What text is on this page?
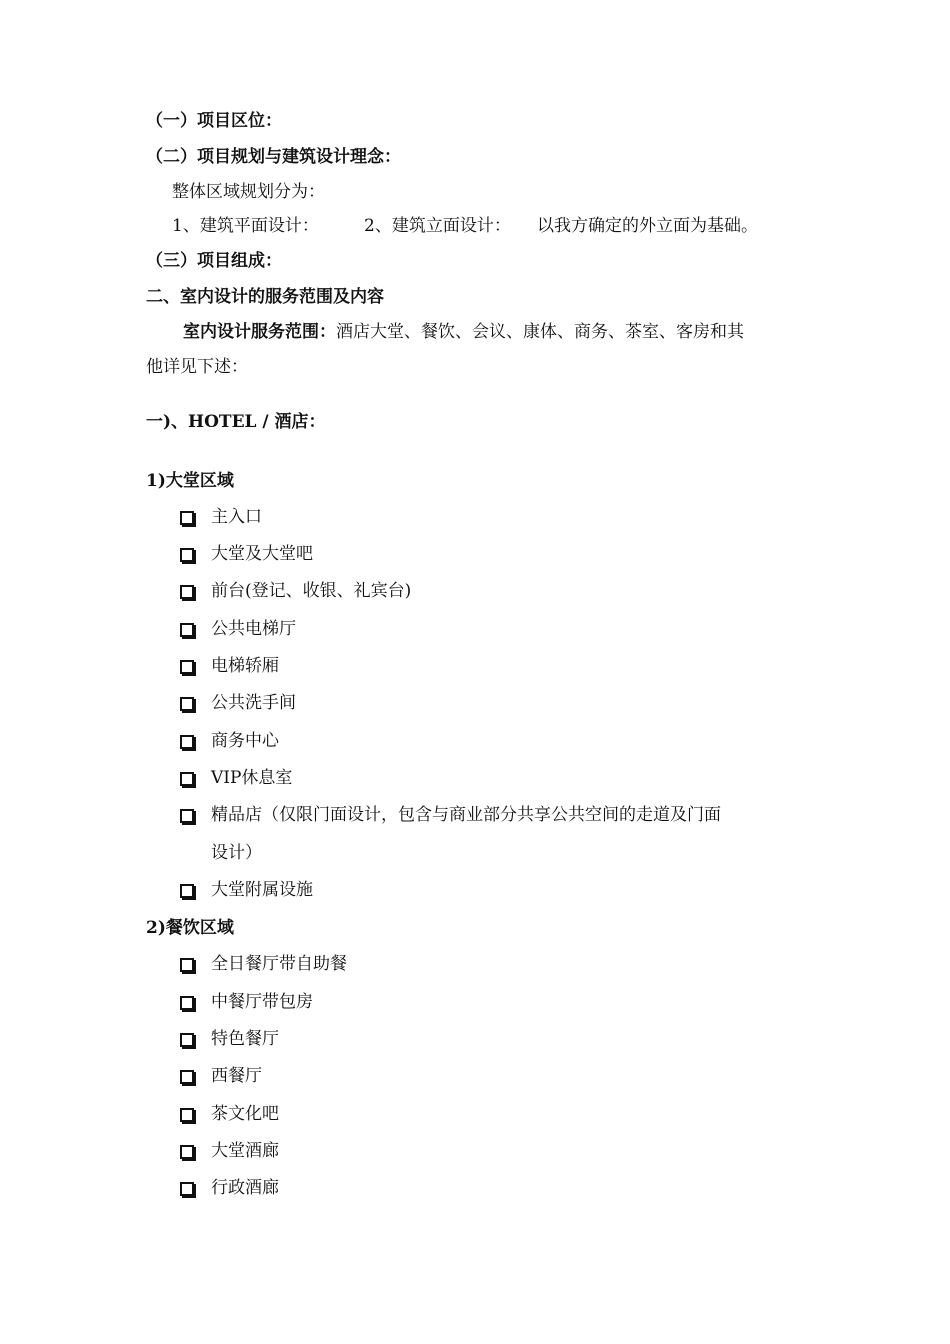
（一）项目区位：
（二）项目规划与建筑设计理念：
整体区域规划分为：
1、建筑平面设计：	2、建筑立面设计： 以我方确定的外立面为基础。
（三）项目组成：
二、室内设计的服务范围及内容
室内设计服务范围：酒店大堂、餐饮、会议、康体、商务、茶室、客房和其
他详见下述：
一)、HOTEL / 酒店：
1)大堂区域
主入口
大堂及大堂吧
前台(登记、收银、礼宾台)
公共电梯厅
电梯轿厢
公共洗手间
商务中心
VIP休息室
精品店（仅限门面设计，包含与商业部分共享公共空间的走道及门面
设计）
大堂附属设施
2)餐饮区域
全日餐厅带自助餐
中餐厅带包房
特色餐厅
西餐厅
茶文化吧
大堂酒廊
行政酒廊
